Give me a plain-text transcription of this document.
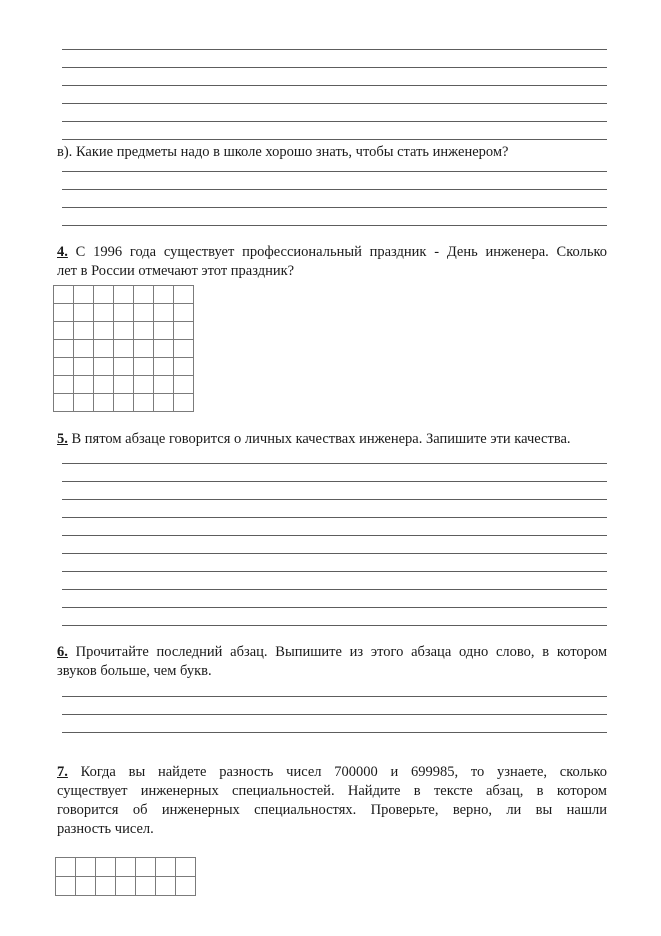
в). Какие предметы надо в школе хорошо знать, чтобы стать инженером?

4. С 1996 года существует профессиональный праздник - День инженера. Сколько
лет в России отмечают этот праздник?

5. В пятом абзаце говорится о личных качествах инженера. Запишите эти качества.

6. Прочитайте последний абзац. Выпишите из этого абзаца одно слово, в котором
звуков больше, чем букв.

7. Когда вы найдете разность чисел 700000 и 699985, то узнаете, сколько
существует инженерных специальностей. Найдите в тексте абзац, в котором
говорится об инженерных специальностях. Проверьте, верно, ли вы нашли
разность чисел.
